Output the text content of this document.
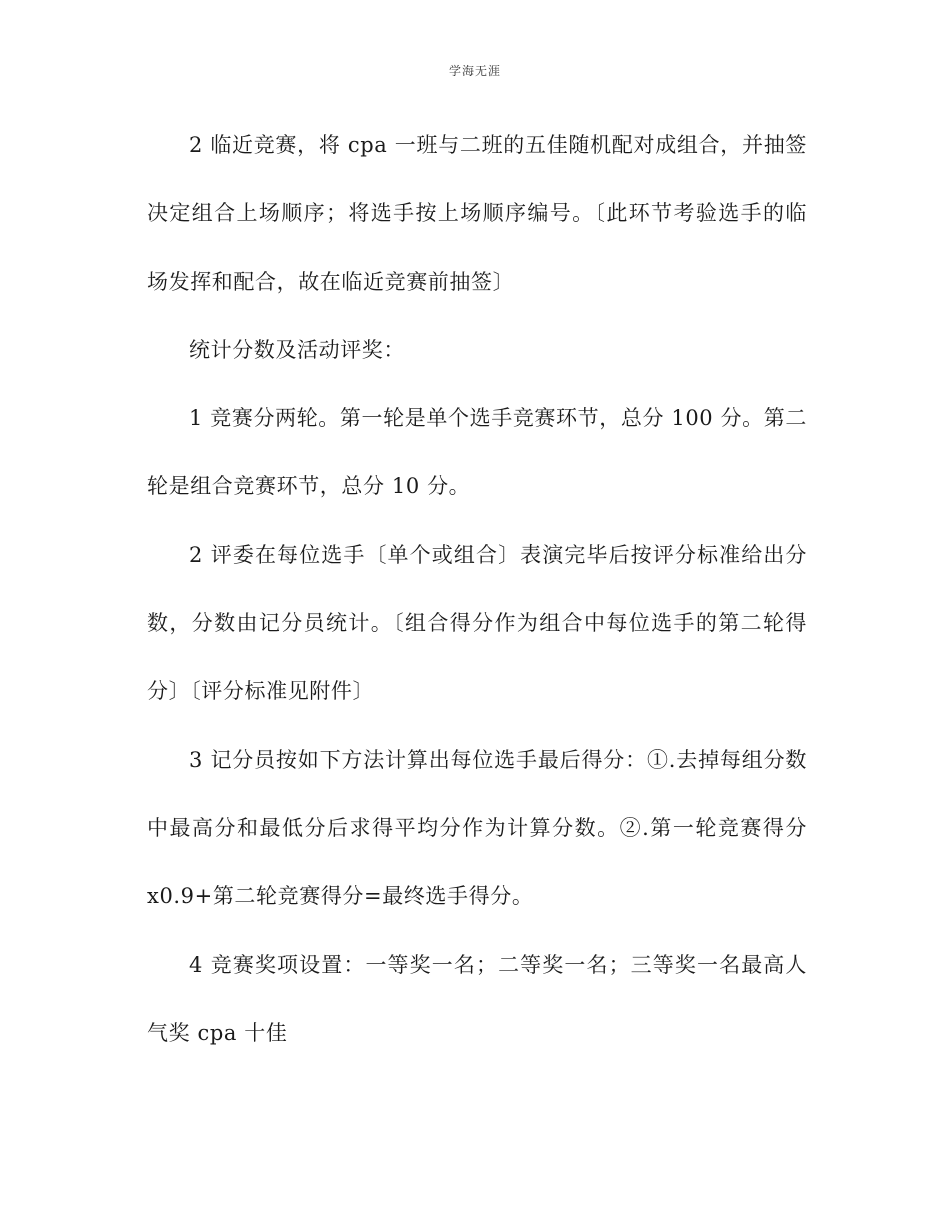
学海无涯
2 临近竞赛，将 cpa 一班与二班的五佳随机配对成组合，并抽签
决定组合上场顺序；将选手按上场顺序编号。〔此环节考验选手的临
场发挥和配合，故在临近竞赛前抽签〕
统计分数及活动评奖：
1 竞赛分两轮。第一轮是单个选手竞赛环节，总分 100 分。第二
轮是组合竞赛环节，总分 10 分。
2 评委在每位选手〔单个或组合〕表演完毕后按评分标准给出分
数，分数由记分员统计。〔组合得分作为组合中每位选手的第二轮得
分〕〔评分标准见附件〕
3 记分员按如下方法计算出每位选手最后得分：①.去掉每组分数
中最高分和最低分后求得平均分作为计算分数。②.第一轮竞赛得分
x0.9+第二轮竞赛得分=最终选手得分。
4 竞赛奖项设置：一等奖一名；二等奖一名；三等奖一名最高人
气奖 cpa 十佳
